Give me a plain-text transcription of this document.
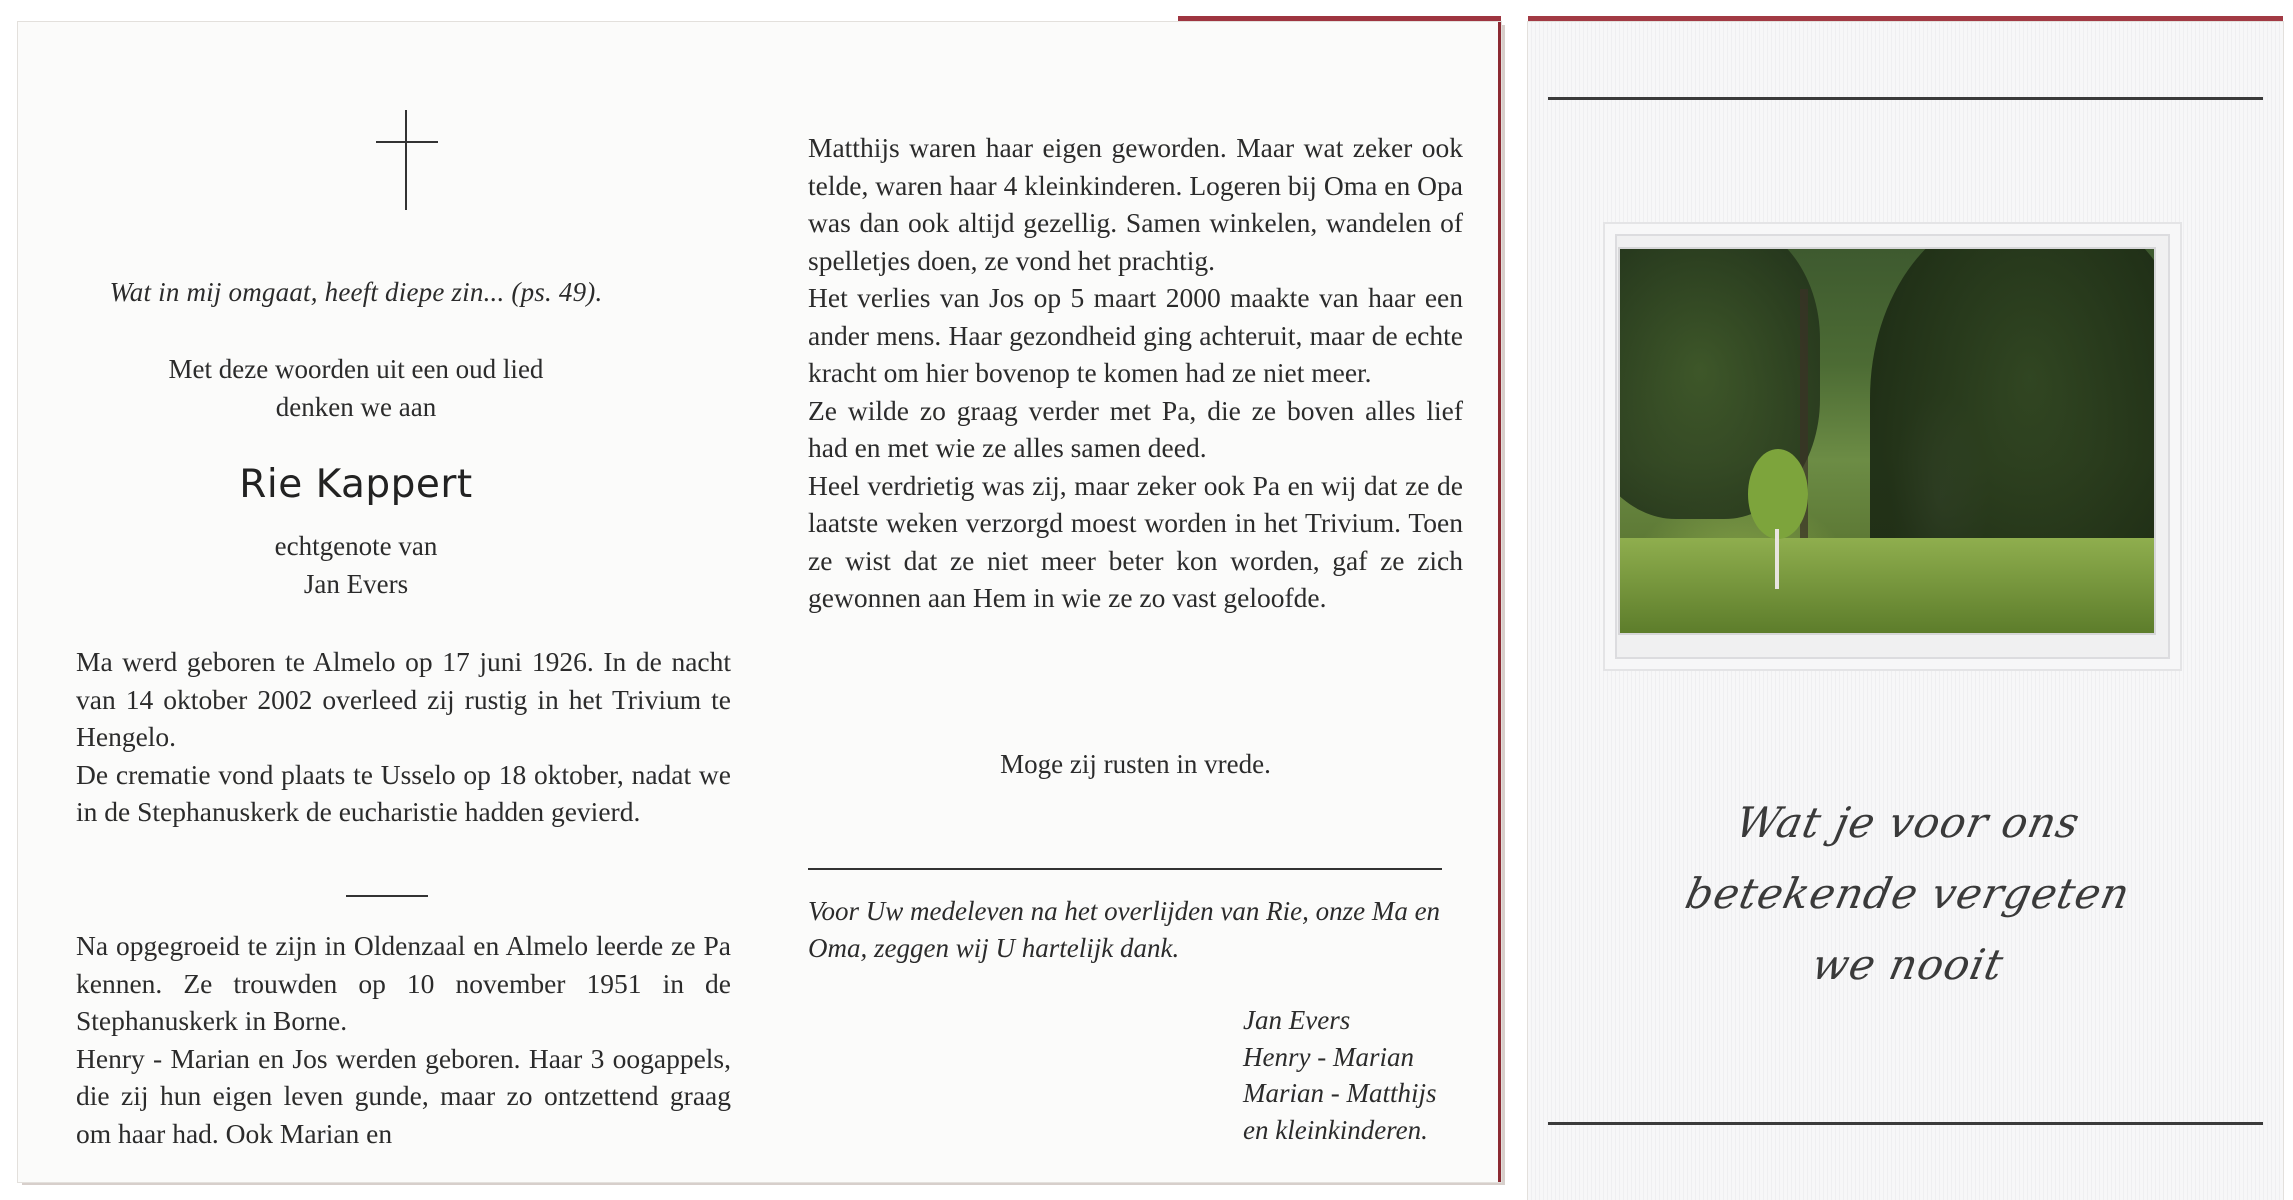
Wat in mij omgaat, heeft diepe zin... (ps. 49).
Met deze woorden uit een oud lied
denken we aan
Rie Kappert
echtgenote van
Jan Evers

Ma werd geboren te Almelo op 17 juni 1926. In de nacht van 14 oktober 2002 overleed zij rustig in het Trivium te Hengelo.

De crematie vond plaats te Usselo op 18 oktober, nadat we in de Stephanuskerk de eucharistie hadden gevierd.

Na opgegroeid te zijn in Oldenzaal en Almelo leerde ze Pa kennen. Ze trouwden op 10 november 1951 in de Stephanuskerk in Borne.

Henry - Marian en Jos werden geboren. Haar 3 oogappels, die zij hun eigen leven gunde, maar zo ontzettend graag om haar had. Ook Marian en

Matthijs waren haar eigen geworden. Maar wat zeker ook telde, waren haar 4 kleinkinderen. Logeren bij Oma en Opa was dan ook altijd gezellig. Samen winkelen, wandelen of spelletjes doen, ze vond het prachtig.

Het verlies van Jos op 5 maart 2000 maakte van haar een ander mens. Haar gezondheid ging achteruit, maar de echte kracht om hier bovenop te komen had ze niet meer.

Ze wilde zo graag verder met Pa, die ze boven alles lief had en met wie ze alles samen deed.

Heel verdrietig was zij, maar zeker ook Pa en wij dat ze de laatste weken verzorgd moest worden in het Trivium. Toen ze wist dat ze niet meer beter kon worden, gaf ze zich gewonnen aan Hem in wie ze zo vast geloofde.

Moge zij rusten in vrede.
Voor Uw medeleven na het overlijden van Rie, onze Ma en Oma, zeggen wij U hartelijk dank.
Jan Evers
Henry - Marian
Marian - Matthijs
en kleinkinderen.
Wat je voor ons
betekende vergeten
we nooit
